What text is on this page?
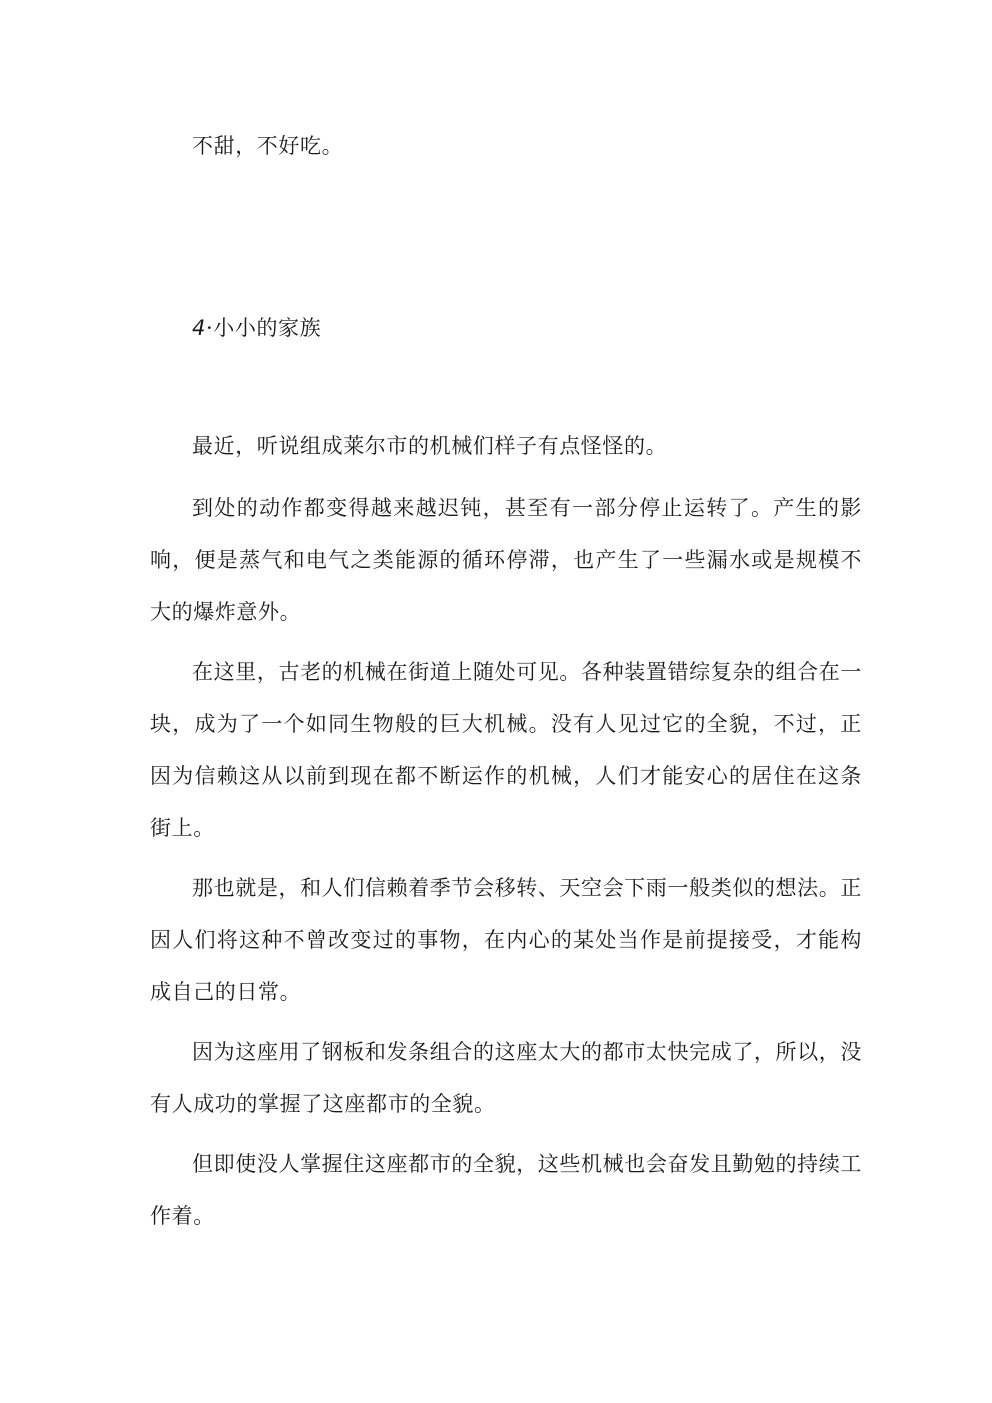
不甜，不好吃。

4·小小的家族

最近，听说组成莱尔市的机械们样子有点怪怪的。

到处的动作都变得越来越迟钝，甚至有一部分停止运转了。产生的影响，便是蒸气和电气之类能源的循环停滞，也产生了一些漏水或是规模不大的爆炸意外。

在这里，古老的机械在街道上随处可见。各种装置错综复杂的组合在一块，成为了一个如同生物般的巨大机械。没有人见过它的全貌，不过，正因为信赖这从以前到现在都不断运作的机械，人们才能安心的居住在这条街上。

那也就是，和人们信赖着季节会移转、天空会下雨一般类似的想法。正因人们将这种不曾改变过的事物，在内心的某处当作是前提接受，才能构成自己的日常。

因为这座用了钢板和发条组合的这座太大的都市太快完成了，所以，没有人成功的掌握了这座都市的全貌。

但即使没人掌握住这座都市的全貌，这些机械也会奋发且勤勉的持续工作着。
